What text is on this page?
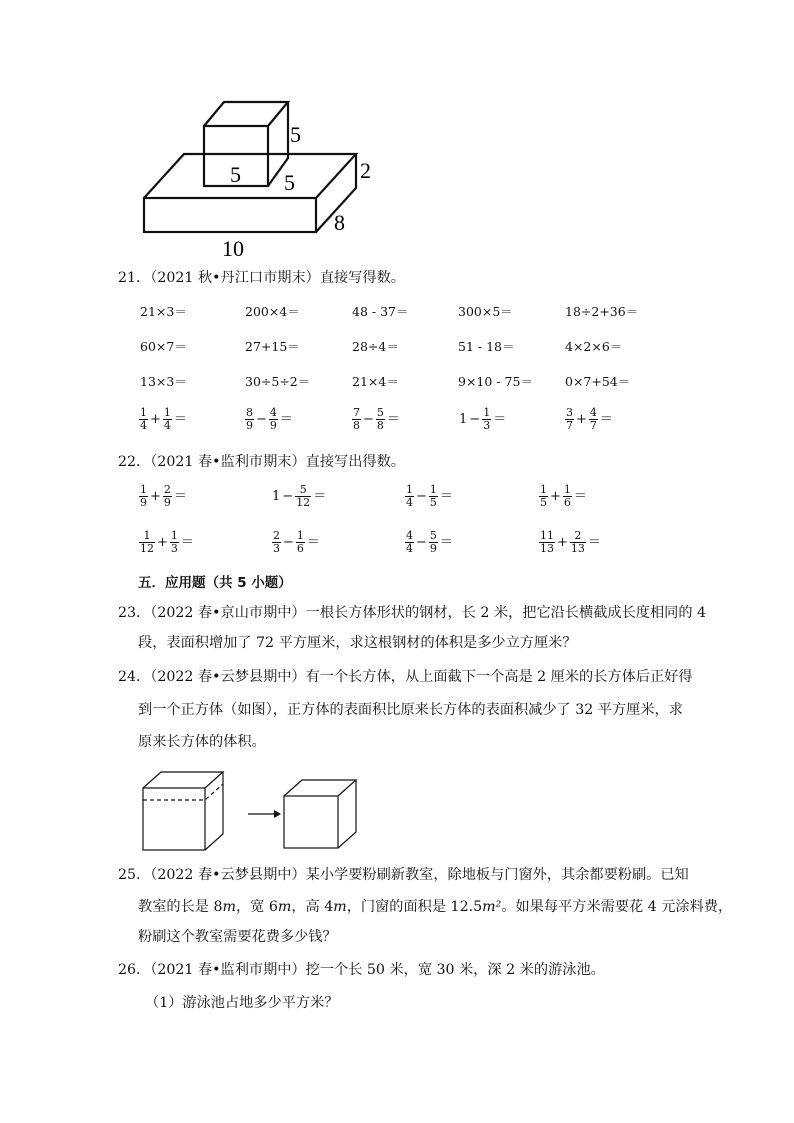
5
5 5	2
8
10
21．（2021 秋•丹江口市期末）直接写得数。
21×3＝	200×4＝	48 - 37＝	300×5＝	18÷2+36＝
60×7＝	27+15＝	28÷4＝	51 - 18＝	4×2×6＝
13×3＝	30÷5÷2＝	21×4＝	9×10 - 75＝	0×7+54＝
$\frac{1}{4} + \frac{1}{4}$ ＝	$\frac{8}{9} - \frac{4}{9}$ ＝	$\frac{7}{8} - \frac{5}{8}$ ＝	$1 - \frac{1}{3}$ ＝	$\frac{3}{7} + \frac{4}{7}$ ＝
22．（2021 春•监利市期末）直接写出得数。
$\frac{1}{9} + \frac{2}{9}$ ＝	$1 - \frac{5}{12}$ ＝	$\frac{1}{4} - \frac{1}{5}$ ＝	$\frac{1}{5} + \frac{1}{6}$ ＝
$\frac{1}{12} + \frac{1}{3}$ ＝	$\frac{2}{3} - \frac{1}{6}$ ＝	$\frac{4}{4} - \frac{5}{9}$ ＝	$\frac{11}{13} + \frac{2}{13}$ ＝
五．应用题（共 5 小题）
23．（2022 春•京山市期中）一根长方体形状的钢材，长 2 米，把它沿长横截成长度相同的 4
段，表面积增加了 72 平方厘米，求这根钢材的体积是多少立方厘米？
24．（2022 春•云梦县期中）有一个长方体，从上面截下一个高是 2 厘米的长方体后正好得
到一个正方体（如图），正方体的表面积比原来长方体的表面积减少了 32 平方厘米，求
原来长方体的体积。
25．（2022 春•云梦县期中）某小学要粉刷新教室，除地板与门窗外，其余都要粉刷。已知
教室的长是 8m，宽 6m，高 4m，门窗的面积是 12.5m²。如果每平方米需要花 4 元涂料费，
粉刷这个教室需要花费多少钱？
26．（2021 春•监利市期中）挖一个长 50 米，宽 30 米，深 2 米的游泳池。
（1）游泳池占地多少平方米？
